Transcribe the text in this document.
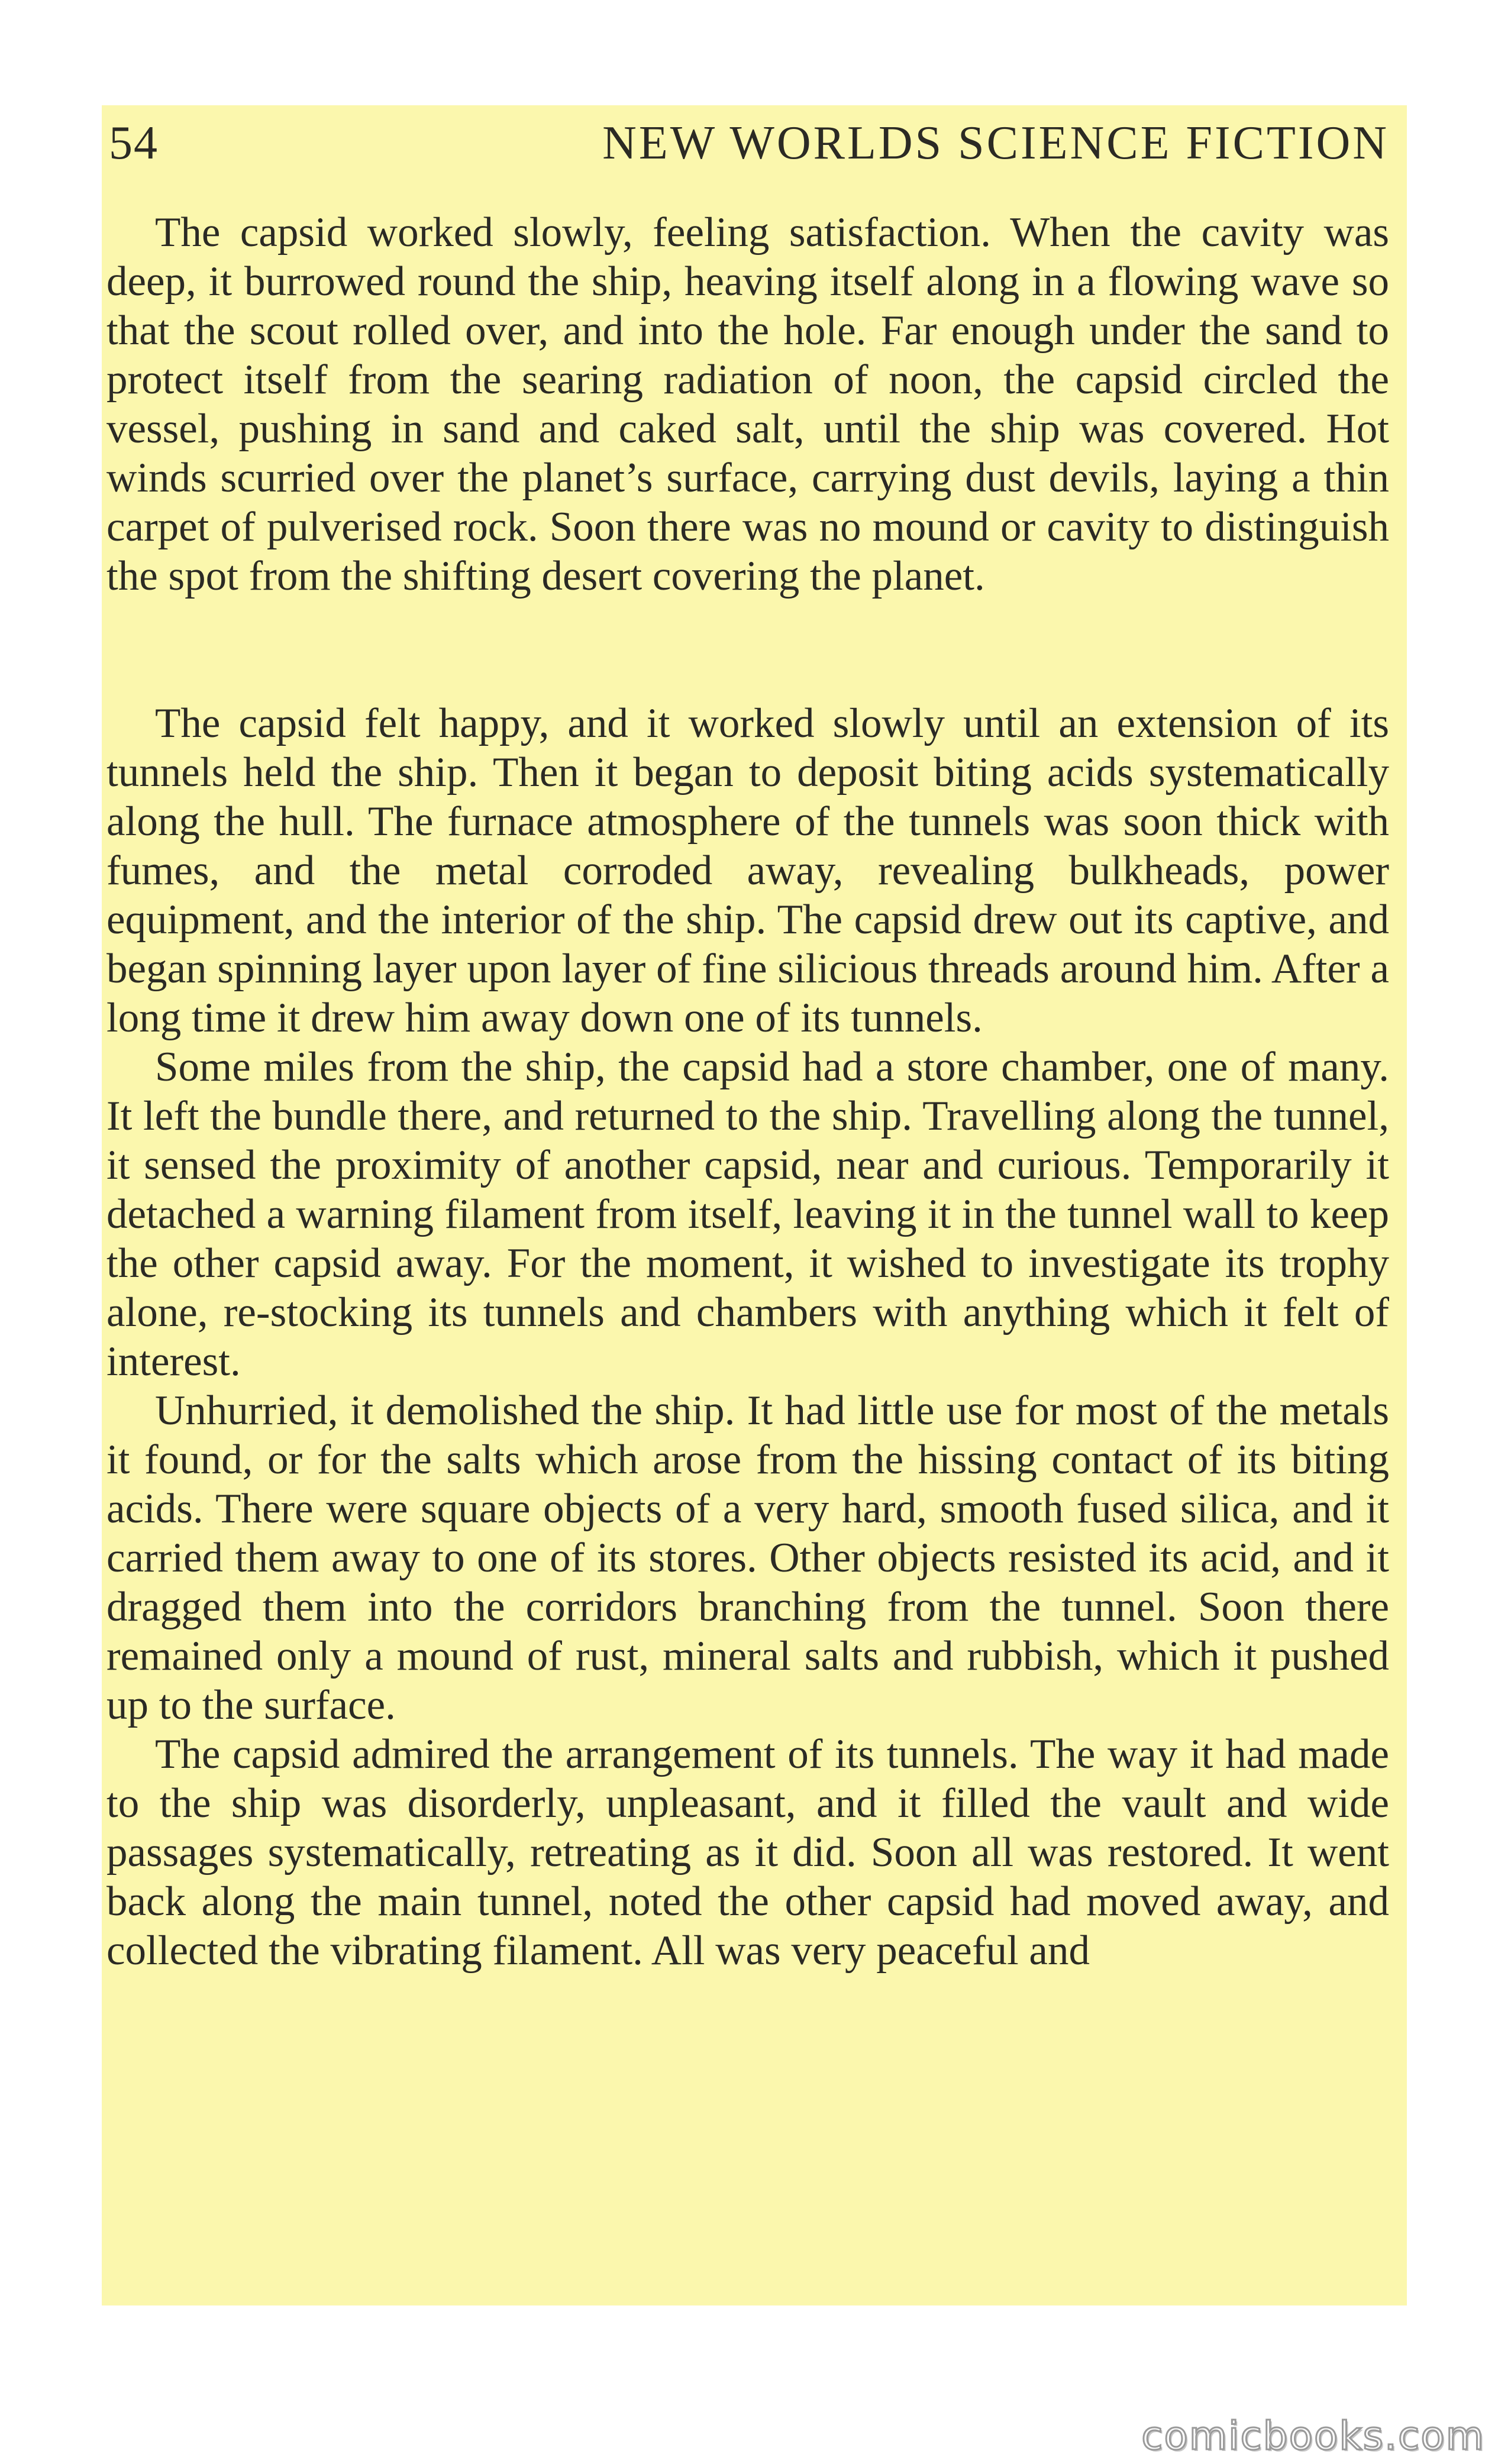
54	NEW WORLDS SCIENCE FICTION

The capsid worked slowly, feeling satisfaction. When the cavity was deep, it burrowed round the ship, heaving itself along in a flowing wave so that the scout rolled over, and into the hole. Far enough under the sand to protect itself from the searing radiation of noon, the capsid circled the vessel, pushing in sand and caked salt, until the ship was covered. Hot winds scurried over the planet’s surface, carrying dust devils, laying a thin carpet of pulverised rock. Soon there was no mound or cavity to distinguish the spot from the shifting desert covering the planet.

The capsid felt happy, and it worked slowly until an extension of its tunnels held the ship. Then it began to deposit biting acids systematically along the hull. The furnace atmosphere of the tunnels was soon thick with fumes, and the metal corroded away, revealing bulkheads, power equipment, and the interior of the ship. The capsid drew out its captive, and began spinning layer upon layer of fine silicious threads around him. After a long time it drew him away down one of its tunnels.

Some miles from the ship, the capsid had a store chamber, one of many. It left the bundle there, and returned to the ship. Travelling along the tunnel, it sensed the proximity of another capsid, near and curious. Temporarily it detached a warning filament from itself, leaving it in the tunnel wall to keep the other capsid away. For the moment, it wished to investigate its trophy alone, re-stocking its tunnels and chambers with anything which it felt of interest.

Unhurried, it demolished the ship. It had little use for most of the metals it found, or for the salts which arose from the hissing contact of its biting acids. There were square objects of a very hard, smooth fused silica, and it carried them away to one of its stores. Other objects resisted its acid, and it dragged them into the corridors branching from the tunnel. Soon there remained only a mound of rust, mineral salts and rubbish, which it pushed up to the surface.

The capsid admired the arrangement of its tunnels. The way it had made to the ship was disorderly, unpleasant, and it filled the vault and wide passages systematically, retreating as it did. Soon all was restored. It went back along the main tunnel, noted the other capsid had moved away, and collected the vibrating filament. All was very peaceful and

comicbooks.com
